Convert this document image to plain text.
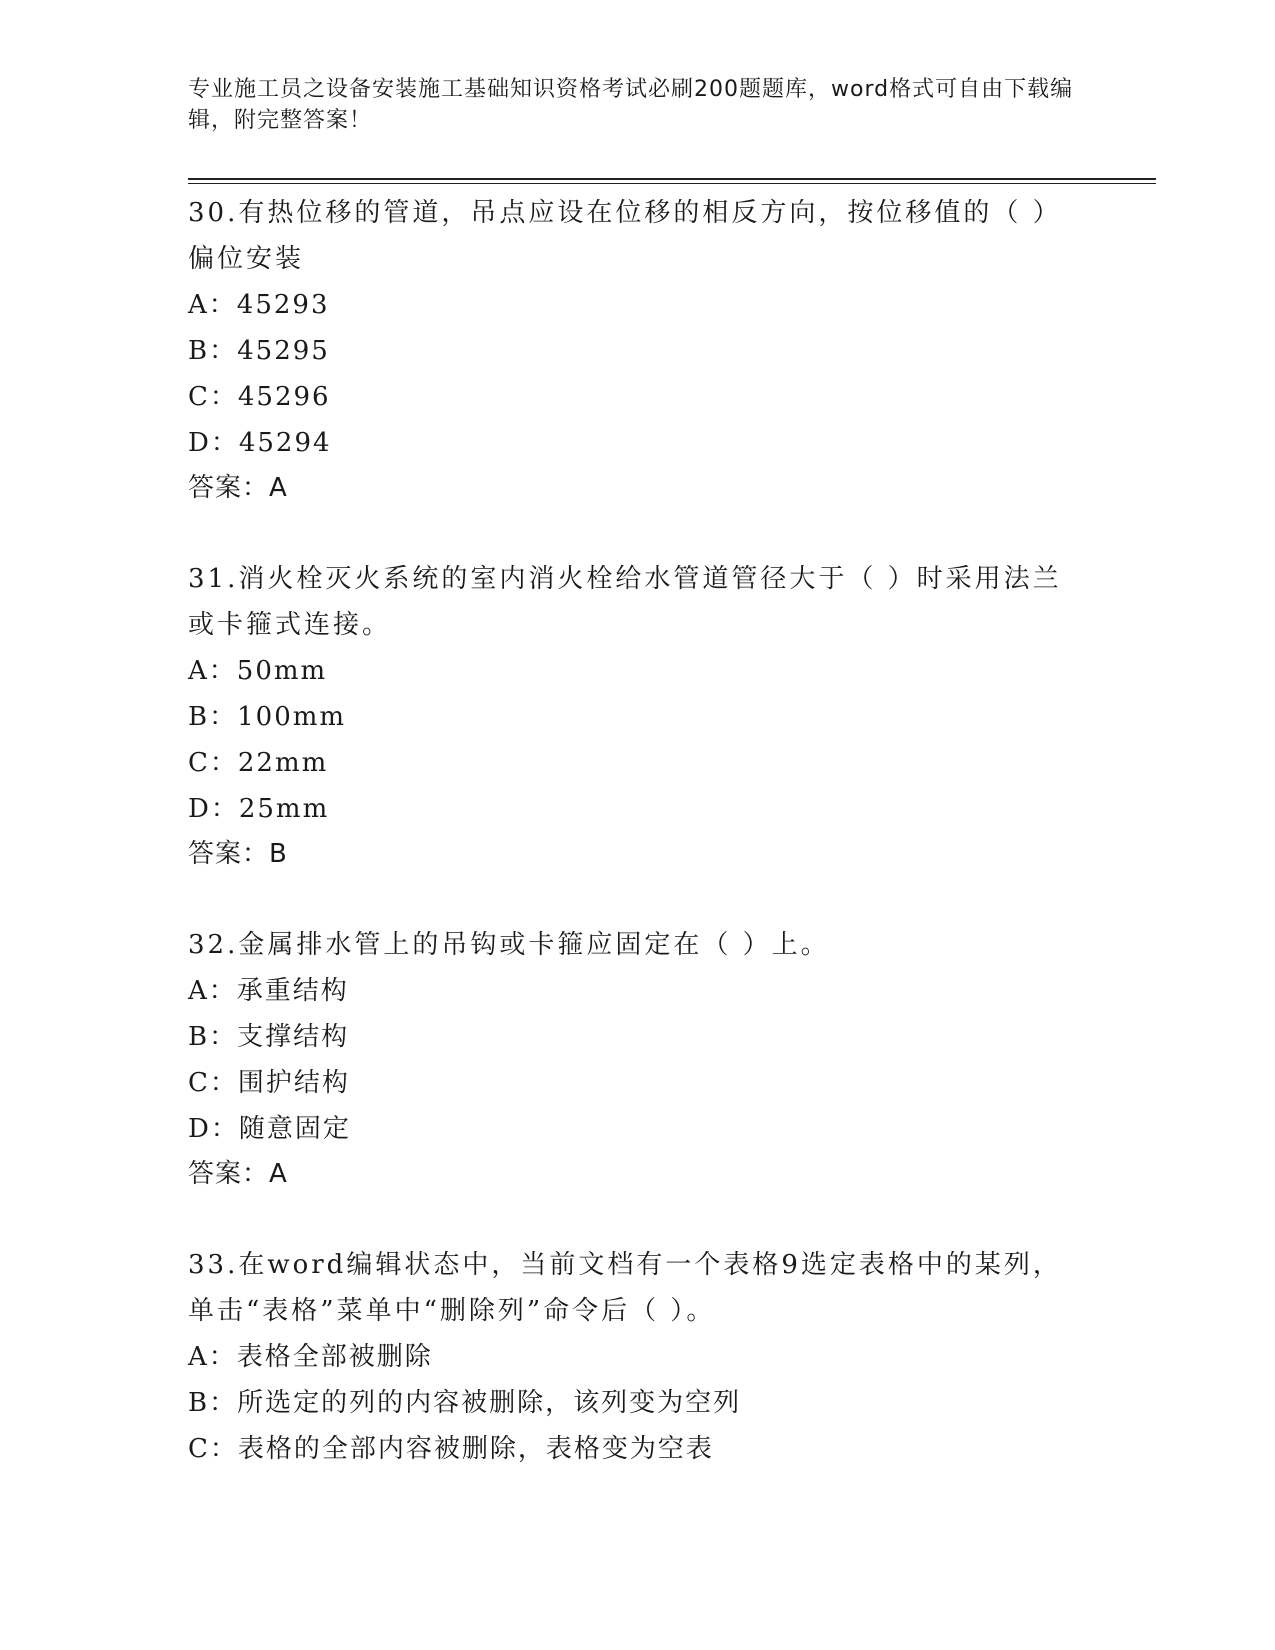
专业施工员之设备安装施工基础知识资格考试必刷200题题库，word格式可自由下载编辑，附完整答案！

30.有热位移的管道，吊点应设在位移的相反方向，按位移值的（ ）偏位安装

A：45293

B：45295

C：45296

D：45294

答案：A

31.消火栓灭火系统的室内消火栓给水管道管径大于（ ）时采用法兰或卡箍式连接。

A：50mm

B：100mm

C：22mm

D：25mm

答案：B

32.金属排水管上的吊钩或卡箍应固定在（ ）上。

A：承重结构

B：支撑结构

C：围护结构

D：随意固定

答案：A

33.在word编辑状态中，当前文档有一个表格9选定表格中的某列，单击“表格”菜单中“删除列”命令后（ ）。

A：表格全部被删除

B：所选定的列的内容被删除，该列变为空列

C：表格的全部内容被删除，表格变为空表
